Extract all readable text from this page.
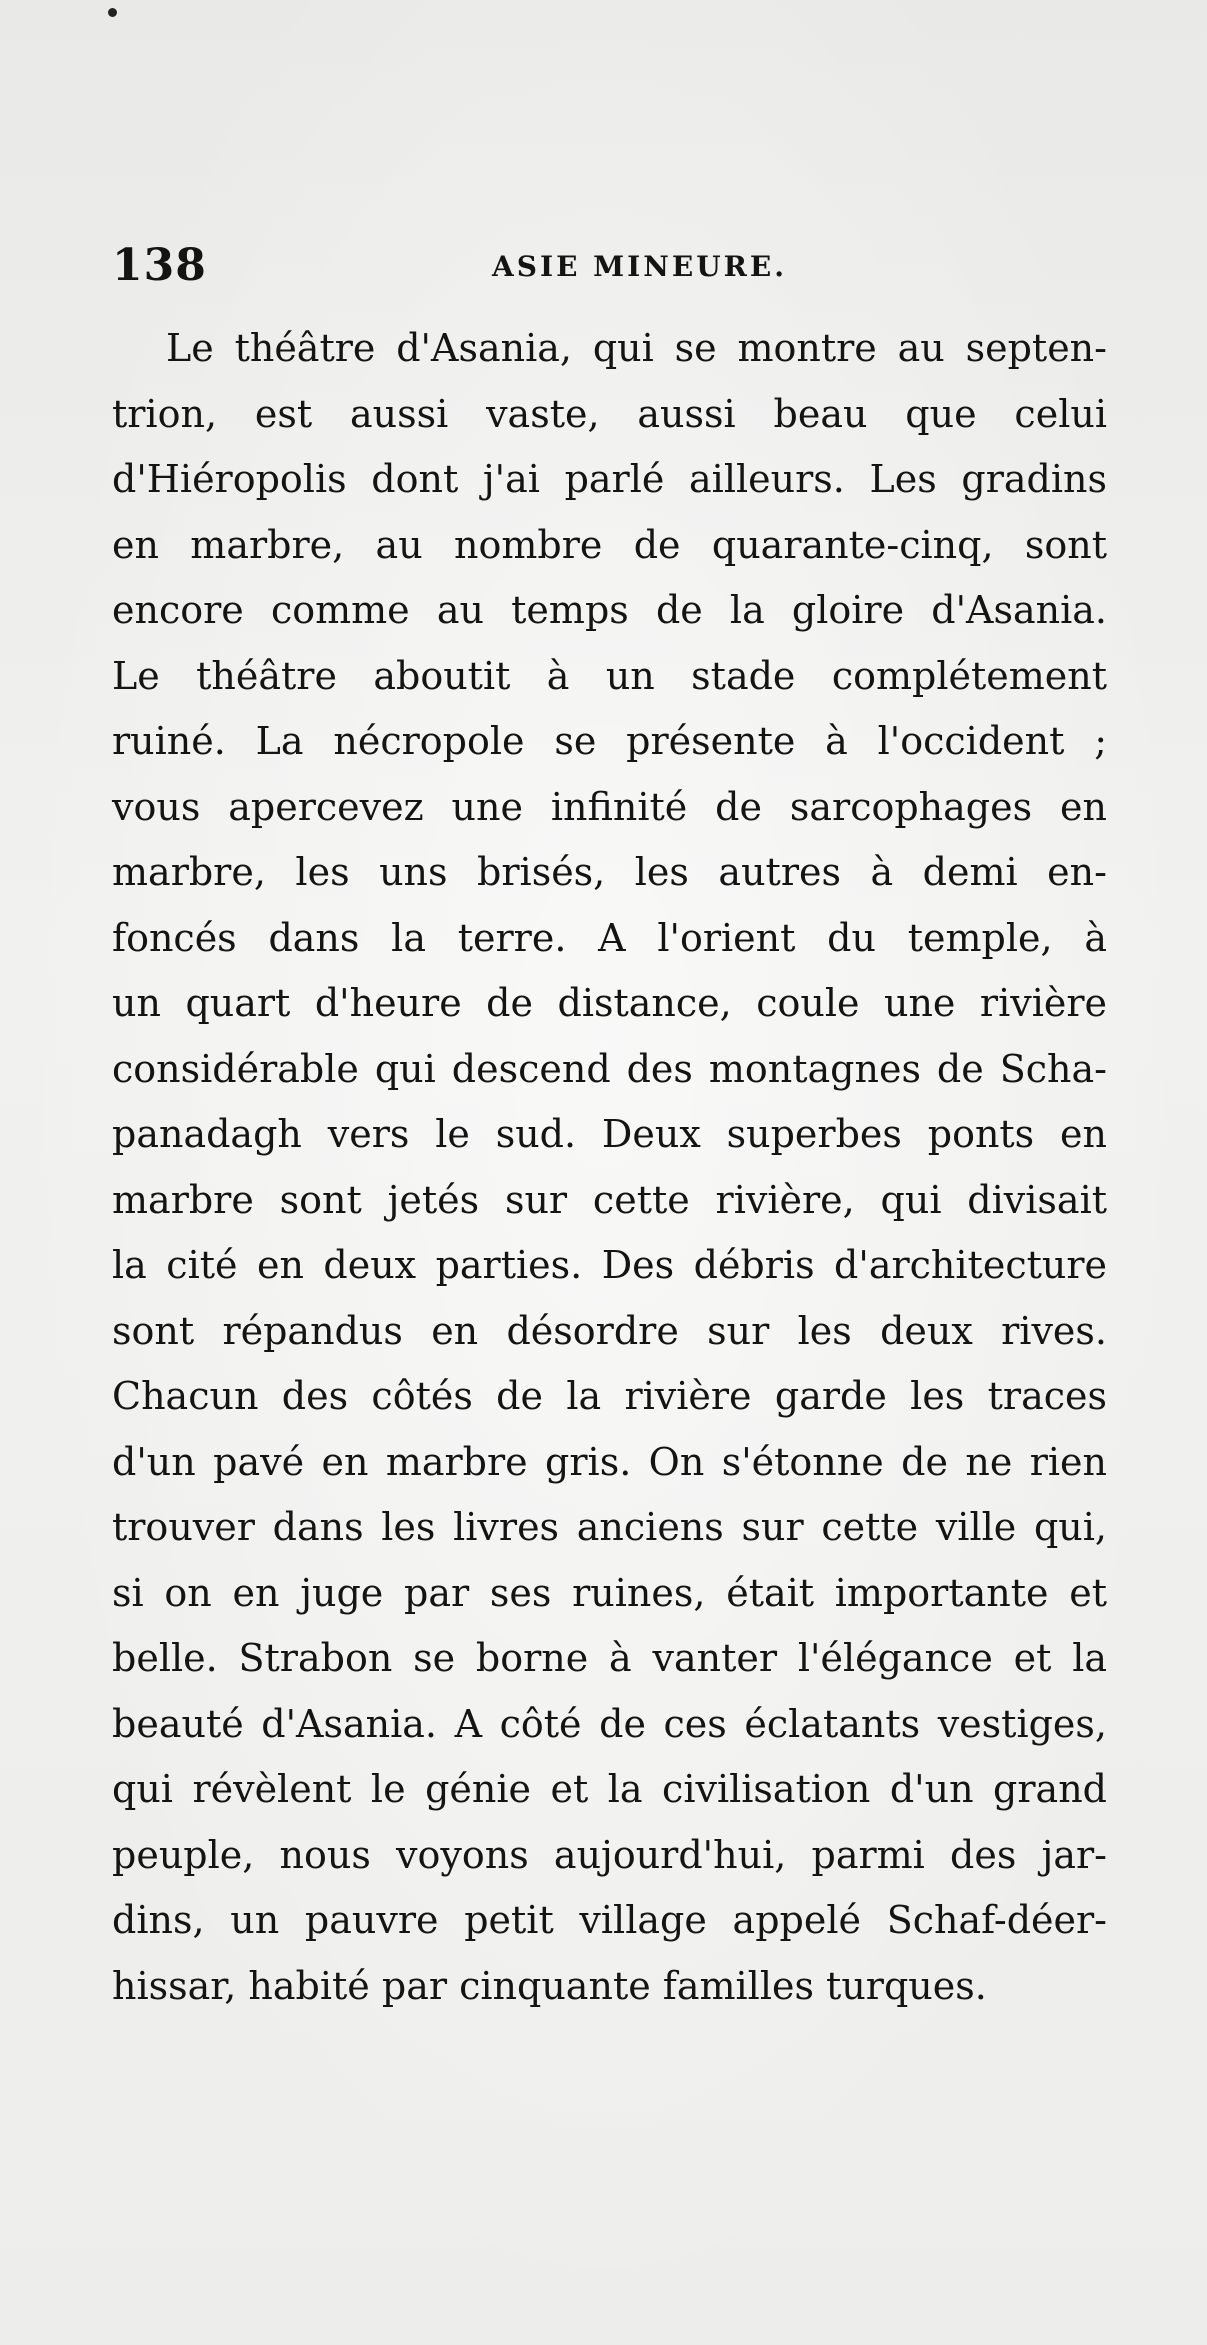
138	ASIE MINEURE.
Le théâtre d'Asania, qui se montre au septen-
trion, est aussi vaste, aussi beau que celui
d'Hiéropolis dont j'ai parlé ailleurs. Les gradins
en marbre, au nombre de quarante-cinq, sont
encore comme au temps de la gloire d'Asania.
Le théâtre aboutit à un stade complétement
ruiné. La nécropole se présente à l'occident ;
vous apercevez une infinité de sarcophages en
marbre, les uns brisés, les autres à demi en-
foncés dans la terre. A l'orient du temple, à
un quart d'heure de distance, coule une rivière
considérable qui descend des montagnes de Scha-
panadagh vers le sud. Deux superbes ponts en
marbre sont jetés sur cette rivière, qui divisait
la cité en deux parties. Des débris d'architecture
sont répandus en désordre sur les deux rives.
Chacun des côtés de la rivière garde les traces
d'un pavé en marbre gris. On s'étonne de ne rien
trouver dans les livres anciens sur cette ville qui,
si on en juge par ses ruines, était importante et
belle. Strabon se borne à vanter l'élégance et la
beauté d'Asania. A côté de ces éclatants vestiges,
qui révèlent le génie et la civilisation d'un grand
peuple, nous voyons aujourd'hui, parmi des jar-
dins, un pauvre petit village appelé Schaf-déer-
hissar, habité par cinquante familles turques.
